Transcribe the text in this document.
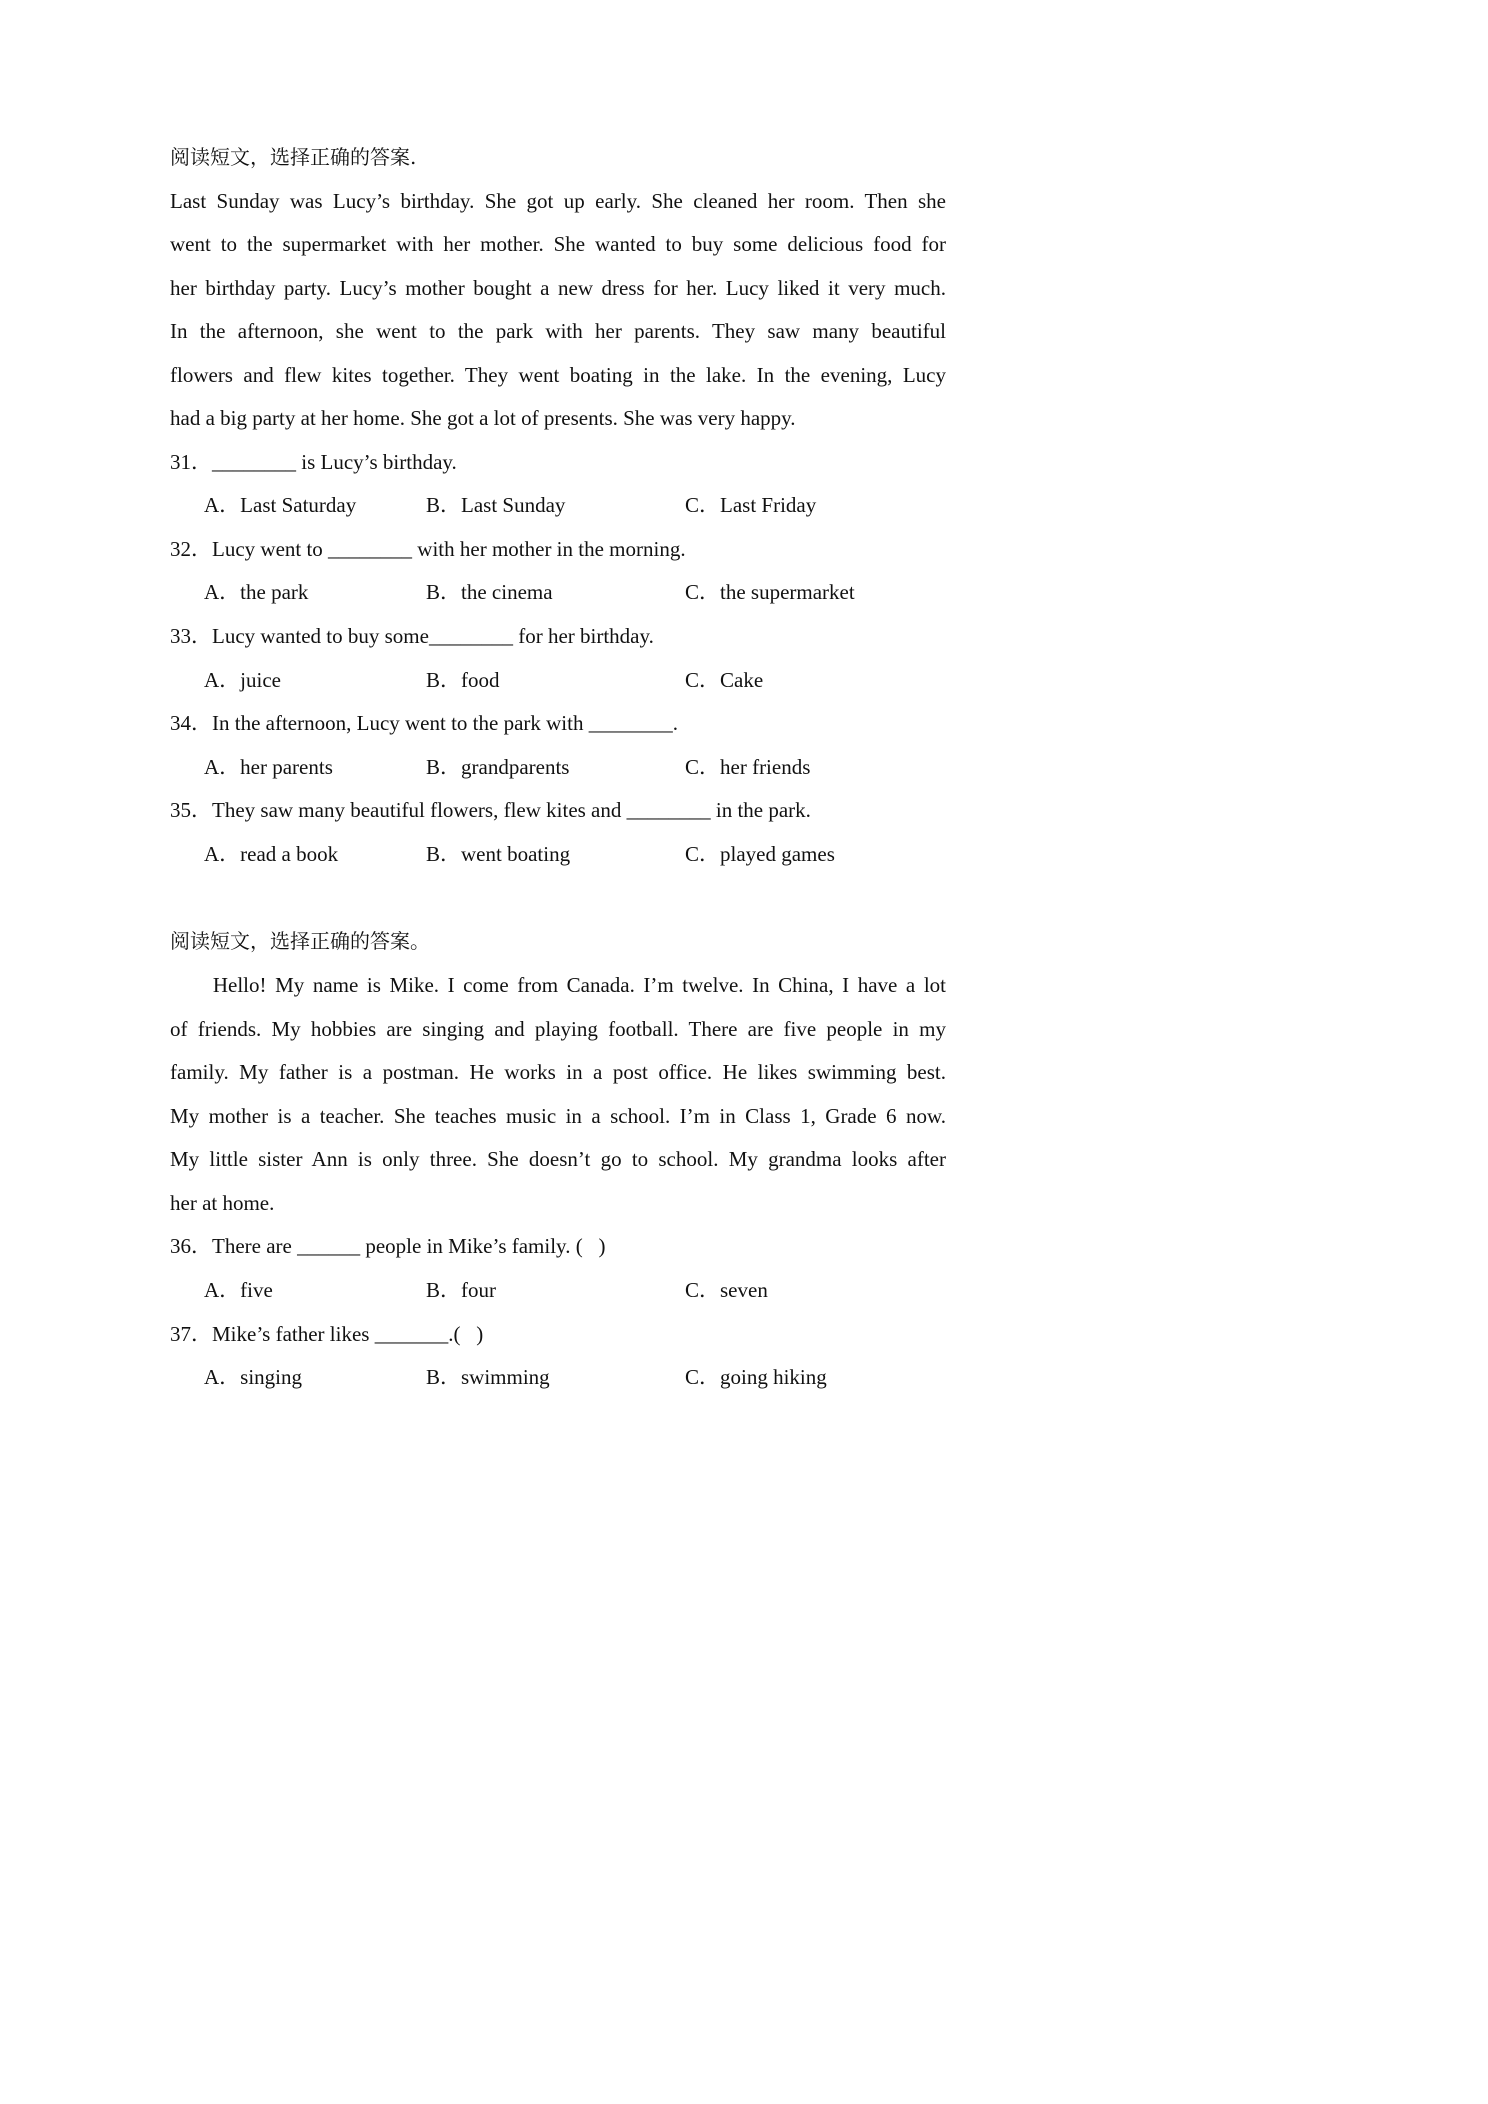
阅读短文，选择正确的答案.
Last Sunday was Lucy’s birthday. She got up early. She cleaned her room. Then she
went to the supermarket with her mother. She wanted to buy some delicious food for
her birthday party. Lucy’s mother bought a new dress for her. Lucy liked it very much.
In the afternoon, she went to the park with her parents. They saw many beautiful
flowers and flew kites together. They went boating in the lake. In the evening, Lucy
had a big party at her home. She got a lot of presents. She was very happy.
31．________ is Lucy’s birthday.
A．Last Saturday	B．Last Sunday	C．Last Friday
32．Lucy went to ________ with her mother in the morning.
A．the park	B．the cinema	C．the supermarket
33．Lucy wanted to buy some________ for her birthday.
A．juice	B．food	C．Cake
34．In the afternoon, Lucy went to the park with ________.
A．her parents	B．grandparents	C．her friends
35．They saw many beautiful flowers, flew kites and ________ in the park.
A．read a book	B．went boating	C．played games
阅读短文，选择正确的答案。
Hello! My name is Mike. I come from Canada. I’m twelve. In China, I have a lot
of friends. My hobbies are singing and playing football. There are five people in my
family. My father is a postman. He works in a post office. He likes swimming best.
My mother is a teacher. She teaches music in a school. I’m in Class 1, Grade 6 now.
My little sister Ann is only three. She doesn’t go to school. My grandma looks after
her at home.
36．There are ______ people in Mike’s family. (   )
A．five	B．four	C．seven
37．Mike’s father likes _______.(   )
A．singing	B．swimming	C．going hiking
